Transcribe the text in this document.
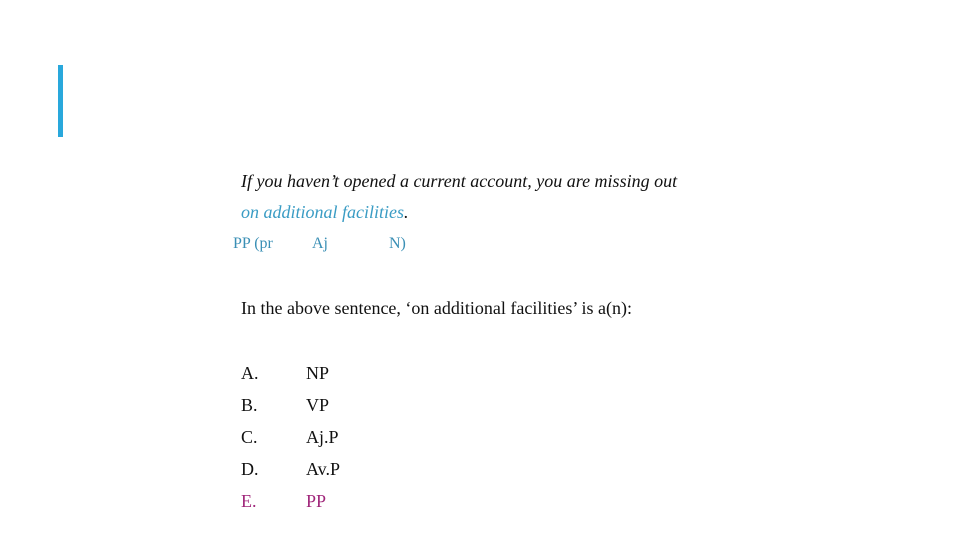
If you haven’t opened a current account, you are missing out
on additional facilities.
PP (pr Aj	N)
In the above sentence, ‘on additional facilities’ is a(n):
A.	NP
B.	VP
C.	Aj.P
D.	Av.P
E.	PP
